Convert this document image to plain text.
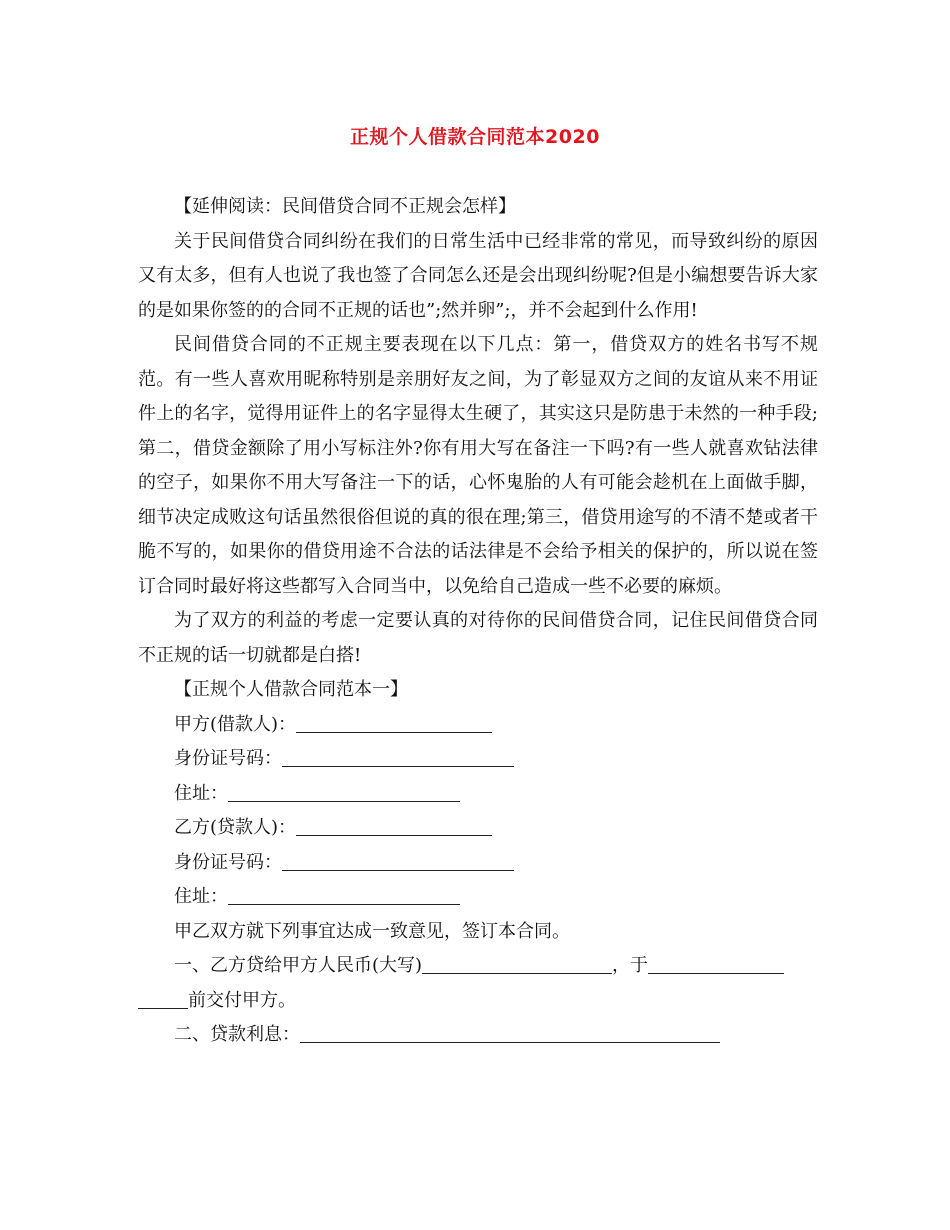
正规个人借款合同范本2020
【延伸阅读：民间借贷合同不正规会怎样】

关于民间借贷合同纠纷在我们的日常生活中已经非常的常见，而导致纠纷的原因又有太多，但有人也说了我也签了合同怎么还是会出现纠纷呢?但是小编想要告诉大家的是如果你签的的合同不正规的话也”;然并卵”;，并不会起到什么作用!

民间借贷合同的不正规主要表现在以下几点：第一，借贷双方的姓名书写不规范。有一些人喜欢用昵称特别是亲朋好友之间，为了彰显双方之间的友谊从来不用证件上的名字，觉得用证件上的名字显得太生硬了，其实这只是防患于未然的一种手段;第二，借贷金额除了用小写标注外?你有用大写在备注一下吗?有一些人就喜欢钻法律的空子，如果你不用大写备注一下的话，心怀鬼胎的人有可能会趁机在上面做手脚，细节决定成败这句话虽然很俗但说的真的很在理;第三，借贷用途写的不清不楚或者干脆不写的，如果你的借贷用途不合法的话法律是不会给予相关的保护的，所以说在签订合同时最好将这些都写入合同当中，以免给自己造成一些不必要的麻烦。

为了双方的利益的考虑一定要认真的对待你的民间借贷合同，记住民间借贷合同不正规的话一切就都是白搭!

【正规个人借款合同范本一】
甲方(借款人)：
身份证号码：
住址：
乙方(贷款人)：
身份证号码：
住址：
甲乙双方就下列事宜达成一致意见，签订本合同。
一、乙方贷给甲方人民币(大写)	，于
前交付甲方。
二、贷款利息：
